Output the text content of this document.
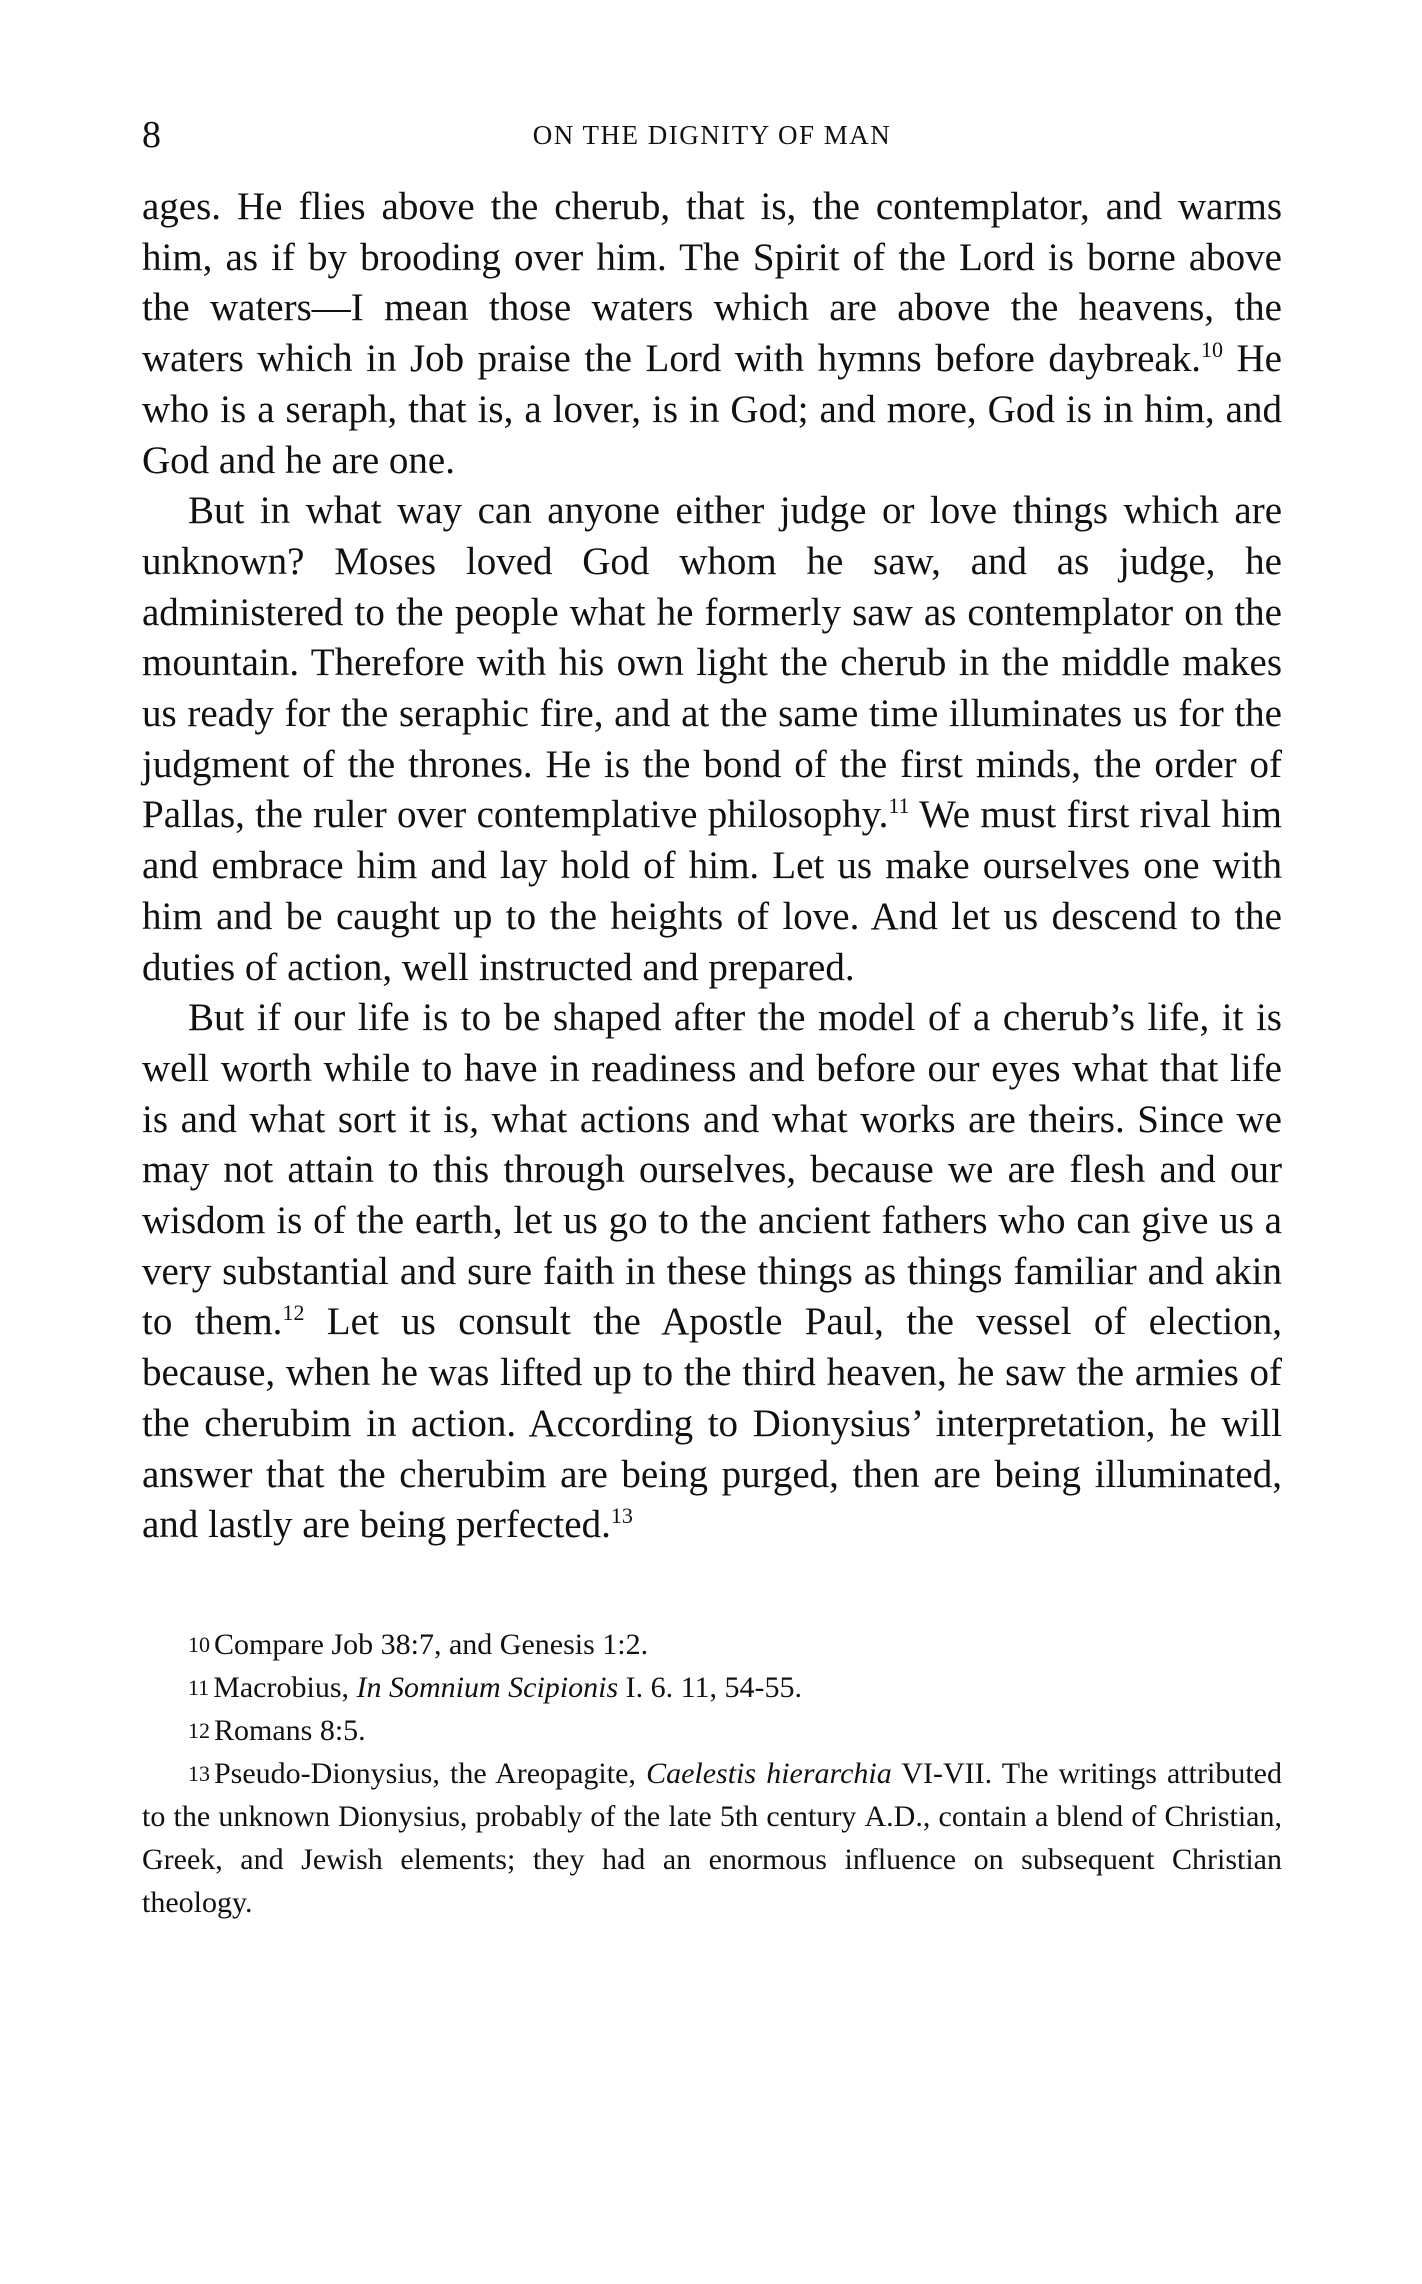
8	ON THE DIGNITY OF MAN

ages. He flies above the cherub, that is, the contemplator, and warms him, as if by brooding over him. The Spirit of the Lord is borne above the waters—I mean those waters which are above the heavens, the waters which in Job praise the Lord with hymns before daybreak.$^{10}$ He who is a seraph, that is, a lover, is in God; and more, God is in him, and God and he are one.

But in what way can anyone either judge or love things which are unknown? Moses loved God whom he saw, and as judge, he administered to the people what he formerly saw as contemplator on the mountain. Therefore with his own light the cherub in the middle makes us ready for the seraphic fire, and at the same time illuminates us for the judgment of the thrones. He is the bond of the first minds, the order of Pallas, the ruler over contemplative philosophy.$^{11}$ We must first rival him and embrace him and lay hold of him. Let us make ourselves one with him and be caught up to the heights of love. And let us descend to the duties of action, well instructed and prepared.

But if our life is to be shaped after the model of a cherub’s life, it is well worth while to have in readiness and before our eyes what that life is and what sort it is, what actions and what works are theirs. Since we may not attain to this through ourselves, because we are flesh and our wisdom is of the earth, let us go to the ancient fathers who can give us a very substantial and sure faith in these things as things familiar and akin to them.$^{12}$ Let us consult the Apostle Paul, the vessel of election, because, when he was lifted up to the third heaven, he saw the armies of the cherubim in action. According to Dionysius’ interpretation, he will answer that the cherubim are being purged, then are being illuminated, and lastly are being perfected.$^{13}$

10 Compare Job 38:7, and Genesis 1:2.

11 Macrobius, In Somnium Scipionis I. 6. 11, 54-55.

12 Romans 8:5.

13 Pseudo-Dionysius, the Areopagite, Caelestis hierarchia VI-VII. The writings attributed to the unknown Dionysius, probably of the late 5th century A.D., contain a blend of Christian, Greek, and Jewish elements; they had an enormous influence on subsequent Christian theology.
